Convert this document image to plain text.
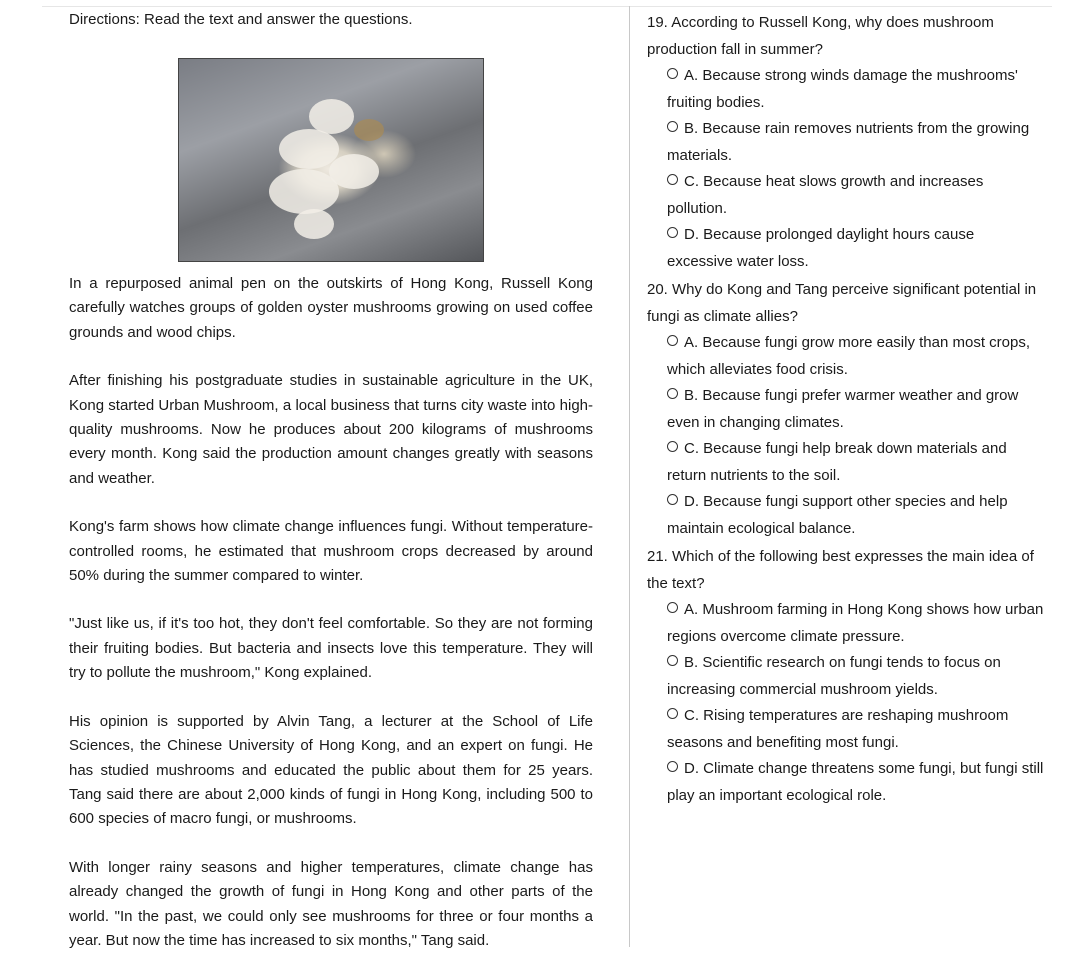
Directions: Read the text and answer the questions.

In a repurposed animal pen on the outskirts of Hong Kong, Russell Kong carefully watches groups of golden oyster mushrooms growing on used coffee grounds and wood chips.

After finishing his postgraduate studies in sustainable agriculture in the UK, Kong started Urban Mushroom, a local business that turns city waste into high-quality mushrooms. Now he produces about 200 kilograms of mushrooms every month. Kong said the production amount changes greatly with seasons and weather.

Kong's farm shows how climate change influences fungi. Without temperature-controlled rooms, he estimated that mushroom crops decreased by around 50% during the summer compared to winter.

"Just like us, if it's too hot, they don't feel comfortable. So they are not forming their fruiting bodies. But bacteria and insects love this temperature. They will try to pollute the mushroom," Kong explained.

His opinion is supported by Alvin Tang, a lecturer at the School of Life Sciences, the Chinese University of Hong Kong, and an expert on fungi. He has studied mushrooms and educated the public about them for 25 years. Tang said there are about 2,000 kinds of fungi in Hong Kong, including 500 to 600 species of macro fungi, or mushrooms.

With longer rainy seasons and higher temperatures, climate change has already changed the growth of fungi in Hong Kong and other parts of the world. "In the past, we could only see mushrooms for three or four months a year. But now the time has increased to six months," Tang said.

19. According to Russell Kong, why does mushroom production fall in summer?

A. Because strong winds damage the mushrooms' fruiting bodies.
B. Because rain removes nutrients from the growing materials.
C. Because heat slows growth and increases pollution.
D. Because prolonged daylight hours cause excessive water loss.

20. Why do Kong and Tang perceive significant potential in fungi as climate allies?

A. Because fungi grow more easily than most crops, which alleviates food crisis.
B. Because fungi prefer warmer weather and grow even in changing climates.
C. Because fungi help break down materials and return nutrients to the soil.
D. Because fungi support other species and help maintain ecological balance.

21. Which of the following best expresses the main idea of the text?

A. Mushroom farming in Hong Kong shows how urban regions overcome climate pressure.
B. Scientific research on fungi tends to focus on increasing commercial mushroom yields.
C. Rising temperatures are reshaping mushroom seasons and benefiting most fungi.
D. Climate change threatens some fungi, but fungi still play an important ecological role.
